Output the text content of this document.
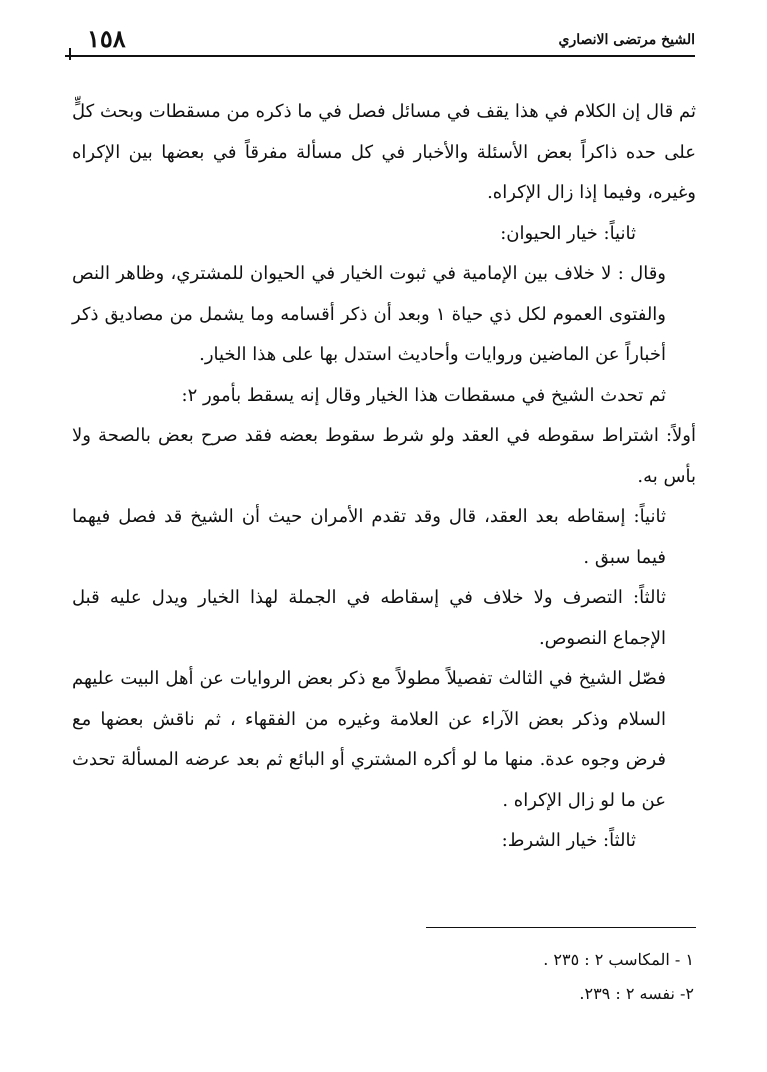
الشيخ مرتضى الانصاري
١٥٨

ثم قال إن الكلام في هذا يقف في مسائل فصل في ما ذكره من مسقطات وبحث كلٍّ على حده ذاكراً بعض الأسئلة والأخبار في كل مسألة مفرقاً في بعضها بين الإكراه وغيره، وفيما إذا زال الإكراه.

ثانياً: خيار الحيوان:

وقال : لا خلاف بين الإمامية في ثبوت الخيار في الحيوان للمشتري، وظاهر النص والفتوى العموم لكل ذي حياة ١ وبعد أن ذكر أقسامه وما يشمل من مصاديق ذكر أخباراً عن الماضين وروايات وأحاديث استدل بها على هذا الخيار.

ثم تحدث الشيخ في مسقطات هذا الخيار وقال إنه يسقط بأمور ٢:

أولاً: اشتراط سقوطه في العقد ولو شرط سقوط بعضه فقد صرح بعض بالصحة ولا بأس به.

ثانياً: إسقاطه بعد العقد، قال وقد تقدم الأمران حيث أن الشيخ قد فصل فيهما فيما سبق .

ثالثاً: التصرف ولا خلاف في إسقاطه في الجملة لهذا الخيار ويدل عليه قبل الإجماع النصوص.

فصّل الشيخ في الثالث تفصيلاً مطولاً مع ذكر بعض الروايات عن أهل البيت عليهم السلام وذكر بعض الآراء عن العلامة وغيره من الفقهاء ، ثم ناقش بعضها مع فرض وجوه عدة. منها ما لو أكره المشتري أو البائع ثم بعد عرضه المسألة تحدث عن ما لو زال الإكراه .

ثالثاً: خيار الشرط:

١ - المكاسب ٢ : ٢٣٥ .
٢- نفسه ٢ : ٢٣٩.
